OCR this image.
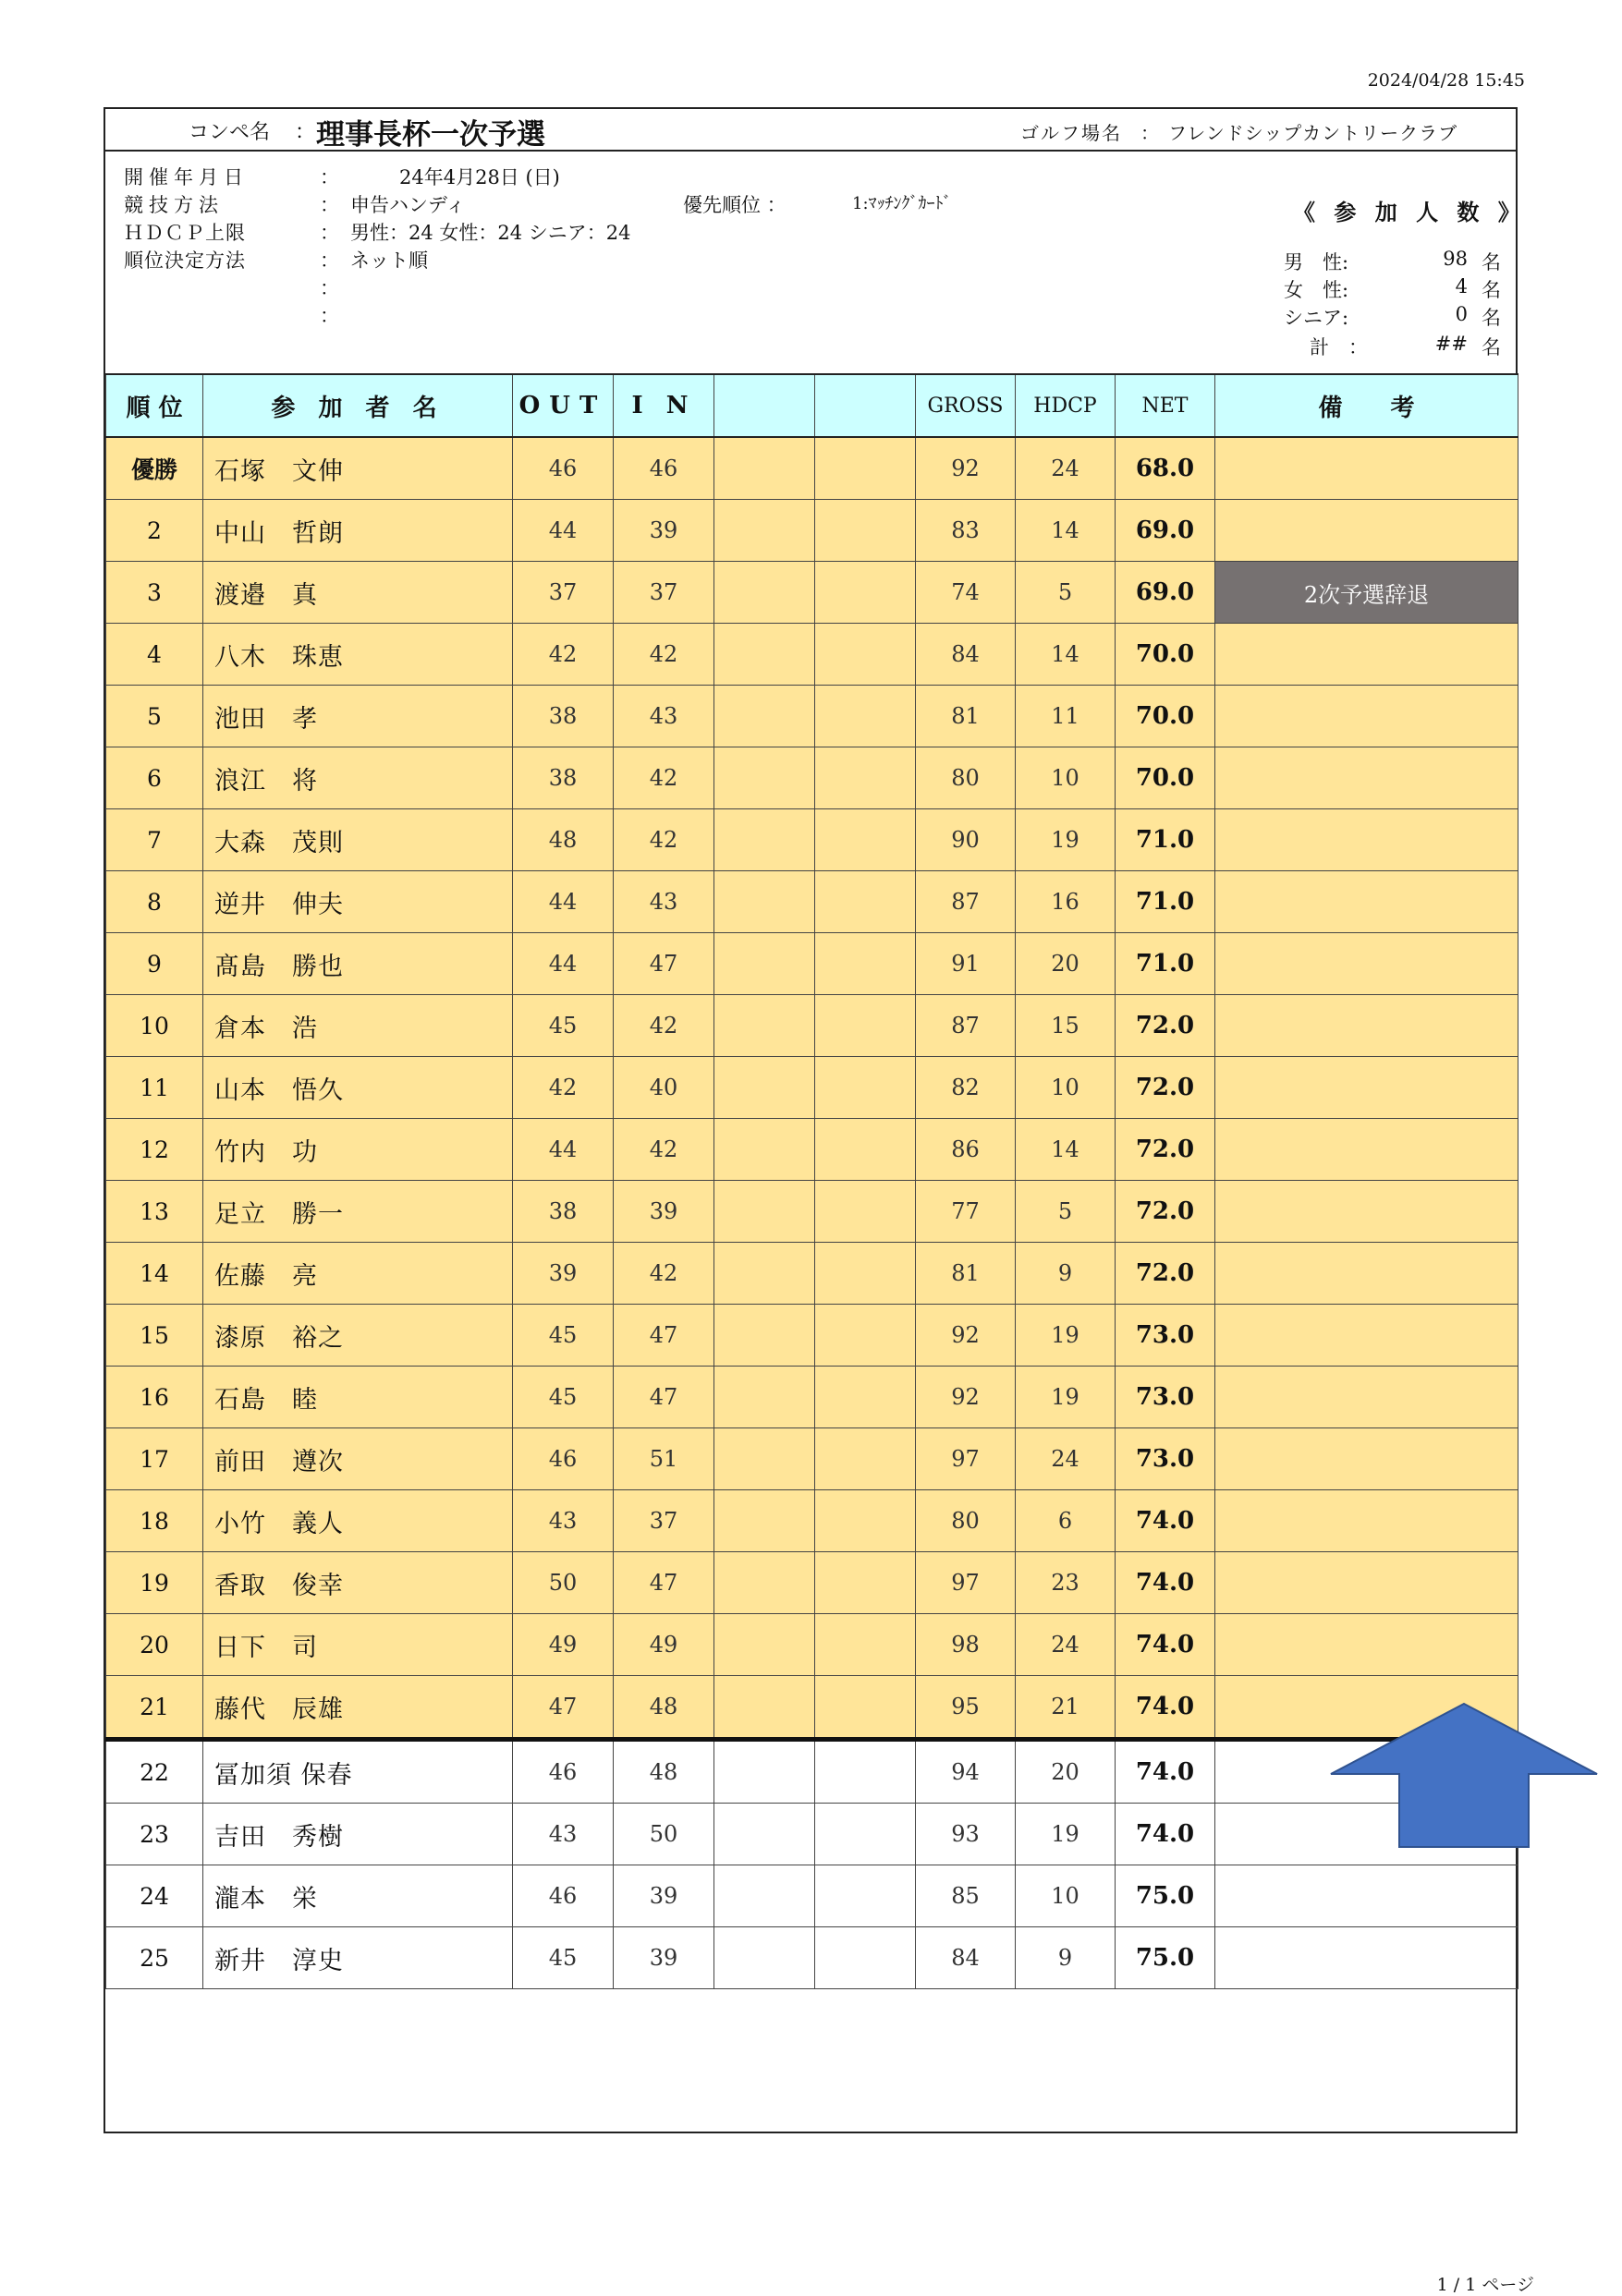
2024/04/28 15:45
コンペ名 ： 理事長杯一次予選	ゴルフ場名 ： フレンドシップカントリークラブ
開催年月日	：	24年4月28日 (日)
競技方法	： 申告ハンディ	優先順位 ：	1:ﾏｯﾁﾝｸﾞｶｰﾄﾞ
ＨＤＣＰ上限	： 男性：24 女性：24 シニア：24
順位決定方法	： ネット順
：
：
《 参 加 人 数 》
男　性:	98 名
女　性:	4 名
シニア:	0 名
計　：	## 名
順 位	参 加 者 名	OUT	I N			GROSS	HDCP	NET	備　　考
優勝	石塚　文伸	46	46			92	24	68.0	
2	中山　哲朗	44	39			83	14	69.0	
3	渡邉　真	37	37			74	5	69.0	2次予選辞退
4	八木　珠恵	42	42			84	14	70.0	
5	池田　孝	38	43			81	11	70.0	
6	浪江　将	38	42			80	10	70.0	
7	大森　茂則	48	42			90	19	71.0	
8	逆井　伸夫	44	43			87	16	71.0	
9	髙島　勝也	44	47			91	20	71.0	
10	倉本　浩	45	42			87	15	72.0	
11	山本　悟久	42	40			82	10	72.0	
12	竹内　功	44	42			86	14	72.0	
13	足立　勝一	38	39			77	5	72.0	
14	佐藤　亮	39	42			81	9	72.0	
15	漆原　裕之	45	47			92	19	73.0	
16	石島　睦	45	47			92	19	73.0	
17	前田　遵次	46	51			97	24	73.0	
18	小竹　義人	43	37			80	6	74.0	
19	香取　俊幸	50	47			97	23	74.0	
20	日下　司	49	49			98	24	74.0	
21	藤代　辰雄	47	48			95	21	74.0	
22	冨加須 保春	46	48			94	20	74.0	
23	吉田　秀樹	43	50			93	19	74.0	
24	瀧本　栄	46	39			85	10	75.0	
25	新井　淳史	45	39			84	9	75.0	

1 / 1 ページ
